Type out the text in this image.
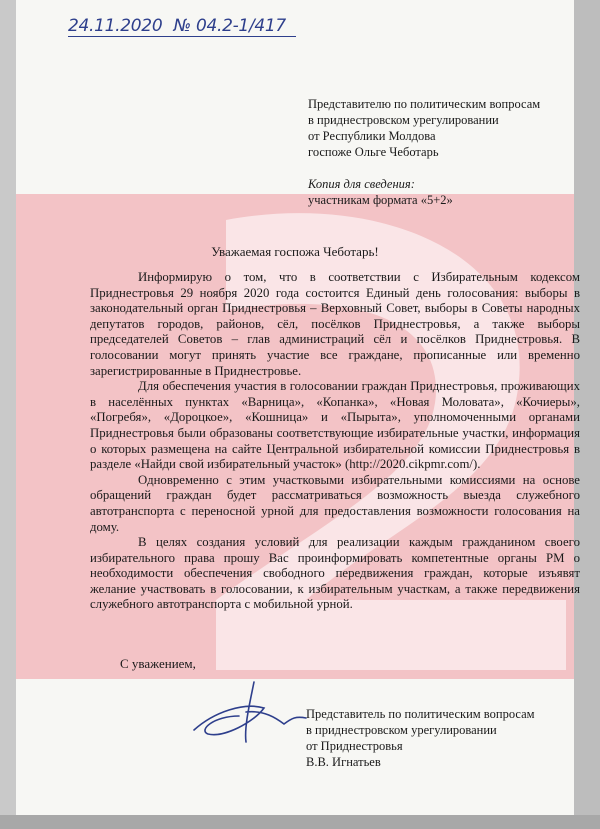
24.11.2020 № 04.2-1/417
Представителю по политическим вопросам
в приднестровском урегулировании
от Республики Молдова
госпоже Ольге Чеботарь
Копия для сведения:
участникам формата «5+2»
Уважаемая госпожа Чеботарь!

Информирую о том, что в соответствии с Избирательным кодексом Приднестровья 29 ноября 2020 года состоится Единый день голосования: выборы в законодательный орган Приднестровья – Верховный Совет, выборы в Советы народных депутатов городов, районов, сёл, посёлков Приднестровья, а также выборы председателей Советов – глав администраций сёл и посёлков Приднестровья. В голосовании могут принять участие все граждане, прописанные или временно зарегистрированные в Приднестровье.

Для обеспечения участия в голосовании граждан Приднестровья, проживающих в населённых пунктах «Варница», «Копанка», «Новая Моловата», «Кочиеры», «Погребя», «Дороцкое», «Кошница» и «Пырыта», уполномоченными органами Приднестровья были образованы соответствующие избирательные участки, информация о которых размещена на сайте Центральной избирательной комиссии Приднестровья в разделе «Найди свой избирательный участок» (http://2020.cikpmr.com/).

Одновременно с этим участковыми избирательными комиссиями на основе обращений граждан будет рассматриваться возможность выезда служебного автотранспорта с переносной урной для предоставления возможности голосования на дому.

В целях создания условий для реализации каждым гражданином своего избирательного права прошу Вас проинформировать компетентные органы РМ о необходимости обеспечения свободного передвижения граждан, которые изъявят желание участвовать в голосовании, к избирательным участкам, а также передвижения служебного автотранспорта с мобильной урной.

С уважением,
Представитель по политическим вопросам
в приднестровском урегулировании
от Приднестровья
В.В. Игнатьев
